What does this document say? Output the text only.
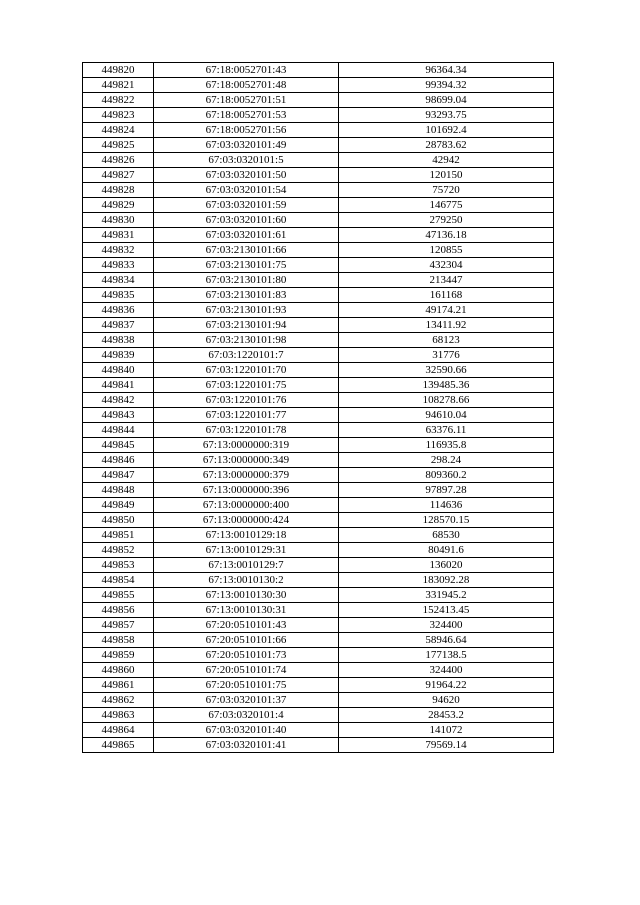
449820	67:18:0052701:43	96364.34
449821	67:18:0052701:48	99394.32
449822	67:18:0052701:51	98699.04
449823	67:18:0052701:53	93293.75
449824	67:18:0052701:56	101692.4
449825	67:03:0320101:49	28783.62
449826	67:03:0320101:5	42942
449827	67:03:0320101:50	120150
449828	67:03:0320101:54	75720
449829	67:03:0320101:59	146775
449830	67:03:0320101:60	279250
449831	67:03:0320101:61	47136.18
449832	67:03:2130101:66	120855
449833	67:03:2130101:75	432304
449834	67:03:2130101:80	213447
449835	67:03:2130101:83	161168
449836	67:03:2130101:93	49174.21
449837	67:03:2130101:94	13411.92
449838	67:03:2130101:98	68123
449839	67:03:1220101:7	31776
449840	67:03:1220101:70	32590.66
449841	67:03:1220101:75	139485.36
449842	67:03:1220101:76	108278.66
449843	67:03:1220101:77	94610.04
449844	67:03:1220101:78	63376.11
449845	67:13:0000000:319	116935.8
449846	67:13:0000000:349	298.24
449847	67:13:0000000:379	809360.2
449848	67:13:0000000:396	97897.28
449849	67:13:0000000:400	114636
449850	67:13:0000000:424	128570.15
449851	67:13:0010129:18	68530
449852	67:13:0010129:31	80491.6
449853	67:13:0010129:7	136020
449854	67:13:0010130:2	183092.28
449855	67:13:0010130:30	331945.2
449856	67:13:0010130:31	152413.45
449857	67:20:0510101:43	324400
449858	67:20:0510101:66	58946.64
449859	67:20:0510101:73	177138.5
449860	67:20:0510101:74	324400
449861	67:20:0510101:75	91964.22
449862	67:03:0320101:37	94620
449863	67:03:0320101:4	28453.2
449864	67:03:0320101:40	141072
449865	67:03:0320101:41	79569.14
